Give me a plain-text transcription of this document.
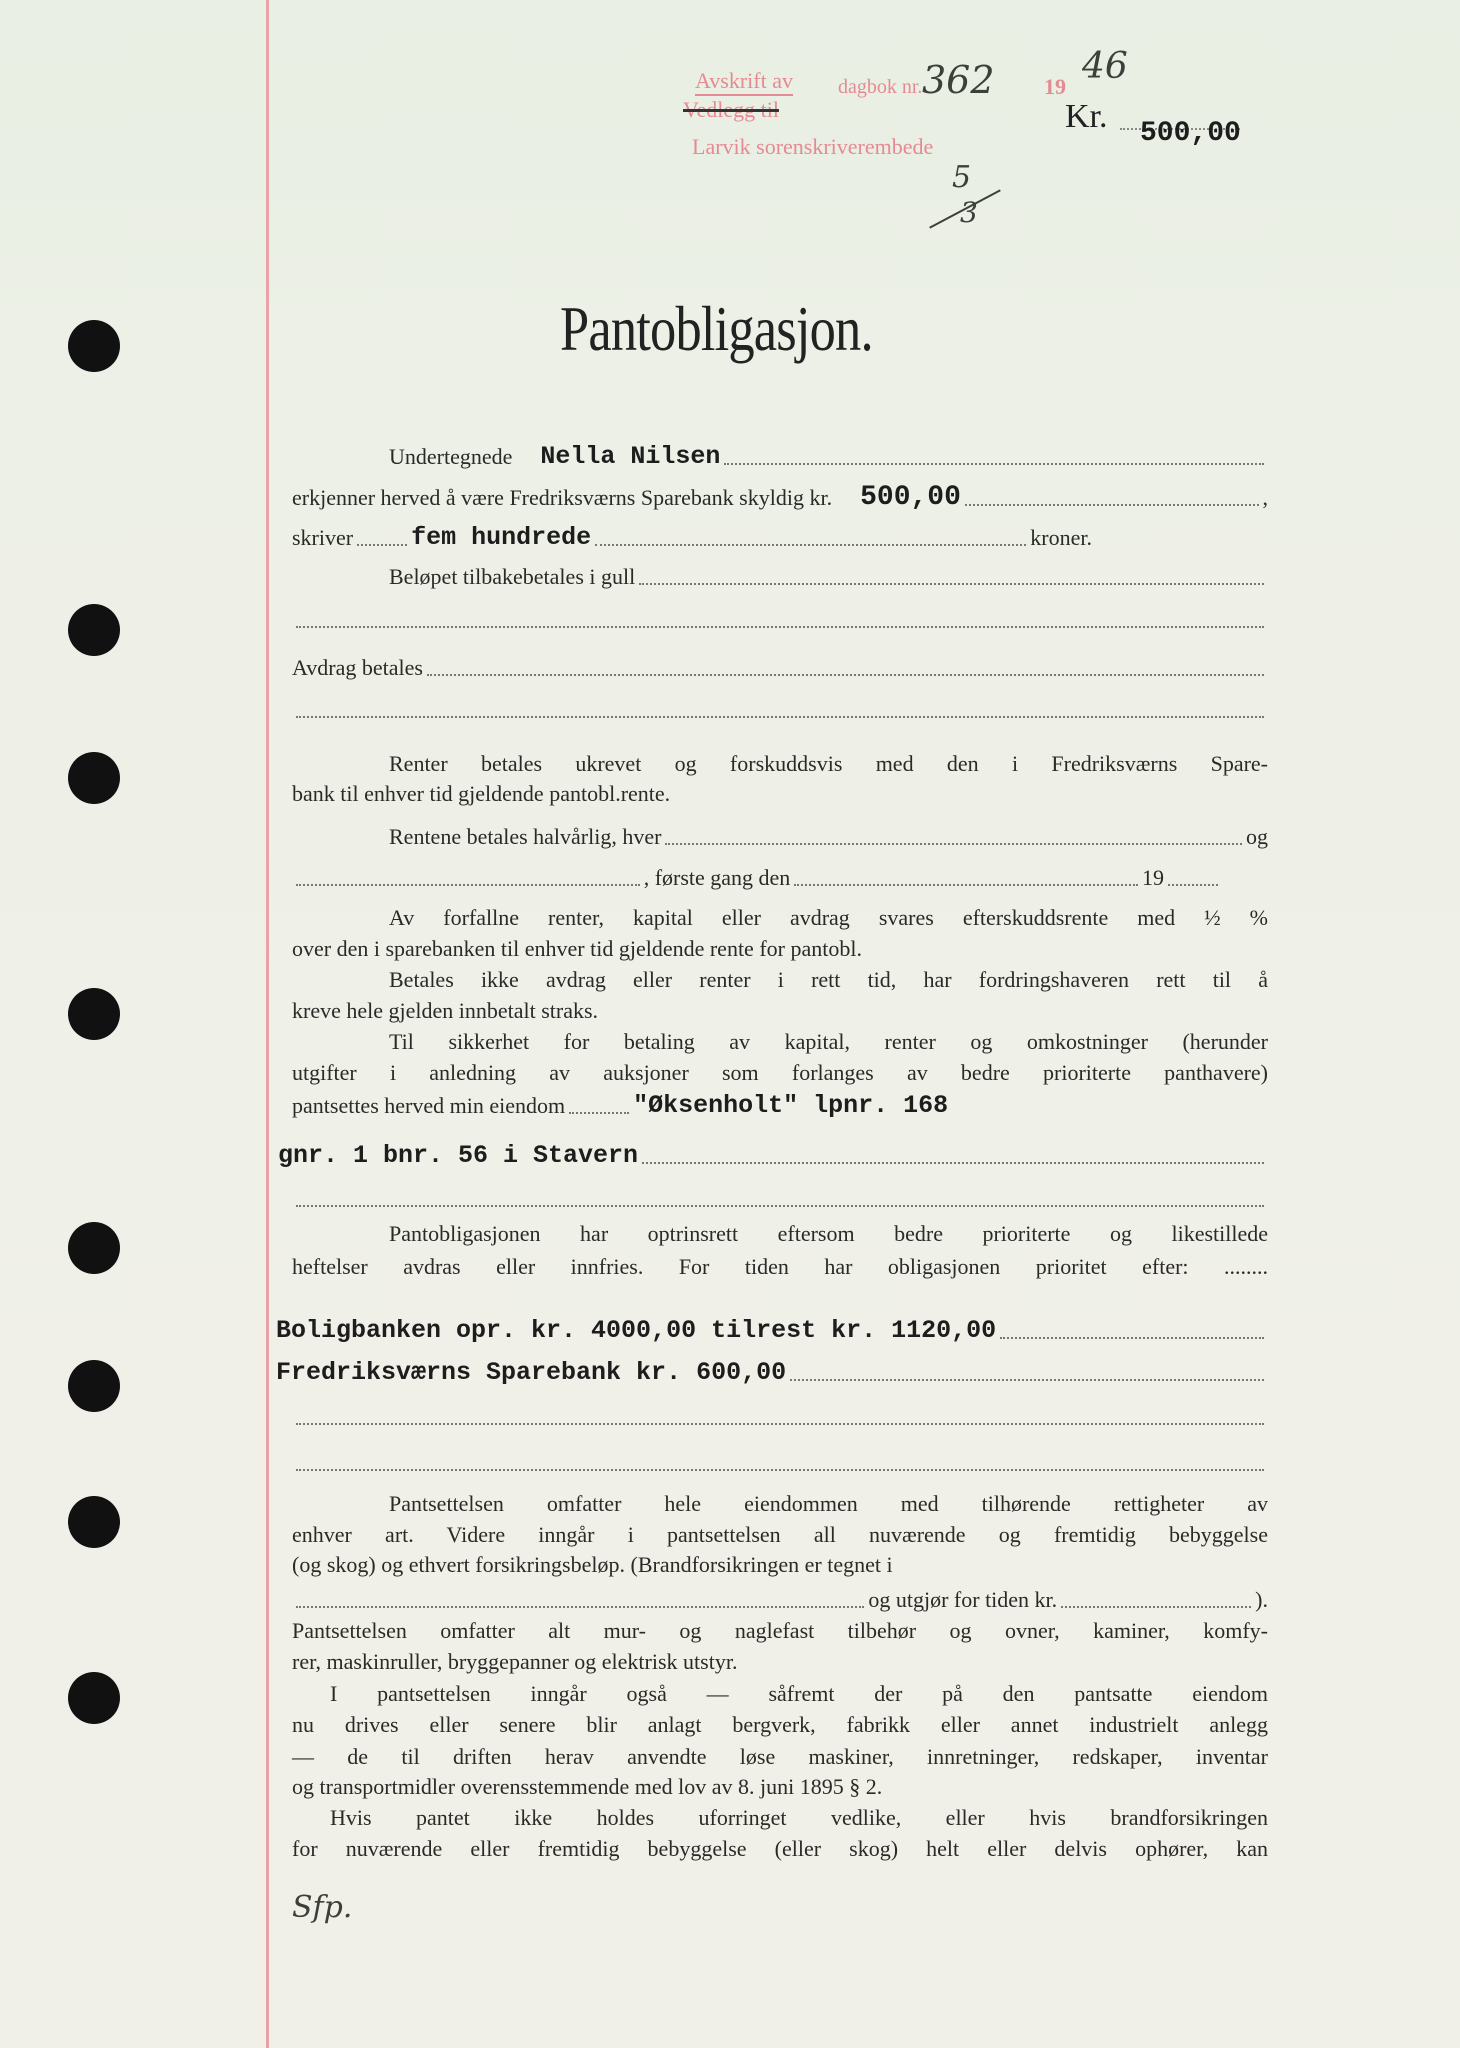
Avskrift av
Vedlegg til
dagbok nr. 362 19 46
Larvik sorenskriverembede
5
3
Kr. 500,00
Pantobligasjon.
Undertegnede Nella Nilsen
erkjenner herved å være Fredriksværns Sparebank skyldig kr. 500,00	,
skriver fem hundrede	kroner.
Beløpet tilbakebetales i gull
Avdrag betales
Renter betales ukrevet og forskuddsvis med den i Fredriksværns Spare-
bank til enhver tid gjeldende pantobl.rente.
Rentene betales halvårlig, hver	og
, første gang den	19
Av forfallne renter, kapital eller avdrag svares efterskuddsrente med ½ %
over den i sparebanken til enhver tid gjeldende rente for pantobl.
Betales ikke avdrag eller renter i rett tid, har fordringshaveren rett til å
kreve hele gjelden innbetalt straks.
Til sikkerhet for betaling av kapital, renter og omkostninger (herunder
utgifter i anledning av auksjoner som forlanges av bedre prioriterte panthavere)
pantsettes herved min eiendom	"Øksenholt" lpnr. 168
gnr. 1 bnr. 56 i Stavern
Pantobligasjonen har optrinsrett eftersom bedre prioriterte og likestillede
heftelser avdras eller innfries. For tiden har obligasjonen prioritet efter: ........
Boligbanken opr. kr. 4000,00 tilrest kr. 1120,00
Fredriksværns Sparebank kr. 600,00
Pantsettelsen omfatter hele eiendommen med tilhørende rettigheter av
enhver art. Videre inngår i pantsettelsen all nuværende og fremtidig bebyggelse
(og skog) og ethvert forsikringsbeløp. (Brandforsikringen er tegnet i
og utgjør for tiden kr.	).
Pantsettelsen omfatter alt mur- og naglefast tilbehør og ovner, kaminer, komfy-
rer, maskinruller, bryggepanner og elektrisk utstyr.
I pantsettelsen inngår også — såfremt der på den pantsatte eiendom
nu drives eller senere blir anlagt bergverk, fabrikk eller annet industrielt anlegg
— de til driften herav anvendte løse maskiner, innretninger, redskaper, inventar
og transportmidler overensstemmende med lov av 8. juni 1895 § 2.
Hvis pantet ikke holdes uforringet vedlike, eller hvis brandforsikringen
for nuværende eller fremtidig bebyggelse (eller skog) helt eller delvis ophører, kan
Sfp.
